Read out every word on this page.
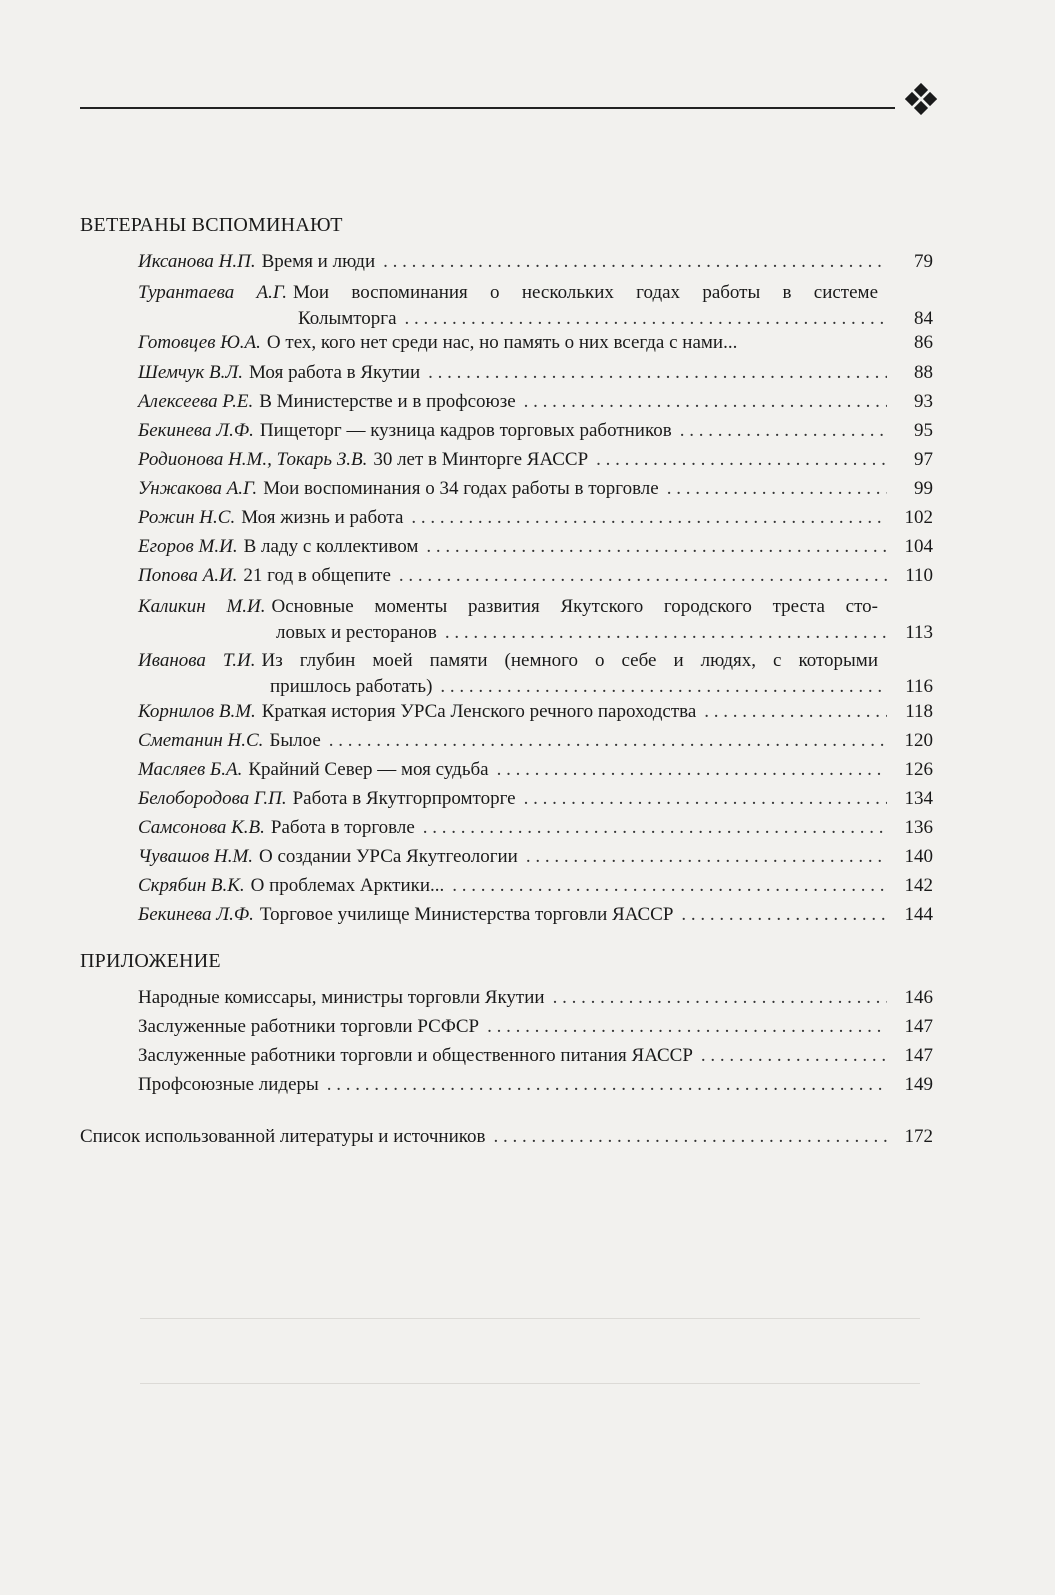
ВЕТЕРАНЫ ВСПОМИНАЮТ
Иксанова Н.П. Время и люди . . .	79
Турантаева А.Г. Мои воспоминания о нескольких годах работы в системе
Колымторга . . .	84
Готовцев Ю.А. О тех, кого нет среди нас, но память о них всегда с нами...	86
Шемчук В.Л. Моя работа в Якутии . . .	88
Алексеева Р.Е. В Министерстве и в профсоюзе . . .	93
Бекинева Л.Ф. Пищеторг — кузница кадров торговых работников . . .	95
Родионова Н.М., Токарь З.В. 30 лет в Минторге ЯАССР . . .	97
Унжакова А.Г. Мои воспоминания о 34 годах работы в торговле . . .	99
Рожин Н.С. Моя жизнь и работа . . .	102
Егоров М.И. В ладу с коллективом . . .	104
Попова А.И. 21 год в общепите . . .	110
Каликин М.И. Основные моменты развития Якутского городского треста сто-
ловых и ресторанов . . .	113
Иванова Т.И. Из глубин моей памяти (немного о себе и людях, с которыми
пришлось работать) . . .	116
Корнилов В.М. Краткая история УРСа Ленского речного пароходства . . .	118
Сметанин Н.С. Былое . . .	120
Масляев Б.А. Крайний Север — моя судьба . . .	126
Белобородова Г.П. Работа в Якутгорпромторге . . .	134
Самсонова К.В. Работа в торговле . . .	136
Чувашов Н.М. О создании УРСа Якутгеологии . . .	140
Скрябин В.К. О проблемах Арктики... . . .	142
Бекинева Л.Ф. Торговое училище Министерства торговли ЯАССР . . .	144
ПРИЛОЖЕНИЕ
Народные комиссары, министры торговли Якутии . . .	146
Заслуженные работники торговли РСФСР . . .	147
Заслуженные работники торговли и общественного питания ЯАССР . . .	147
Профсоюзные лидеры . . .	149
Список использованной литературы и источников . . .	172
